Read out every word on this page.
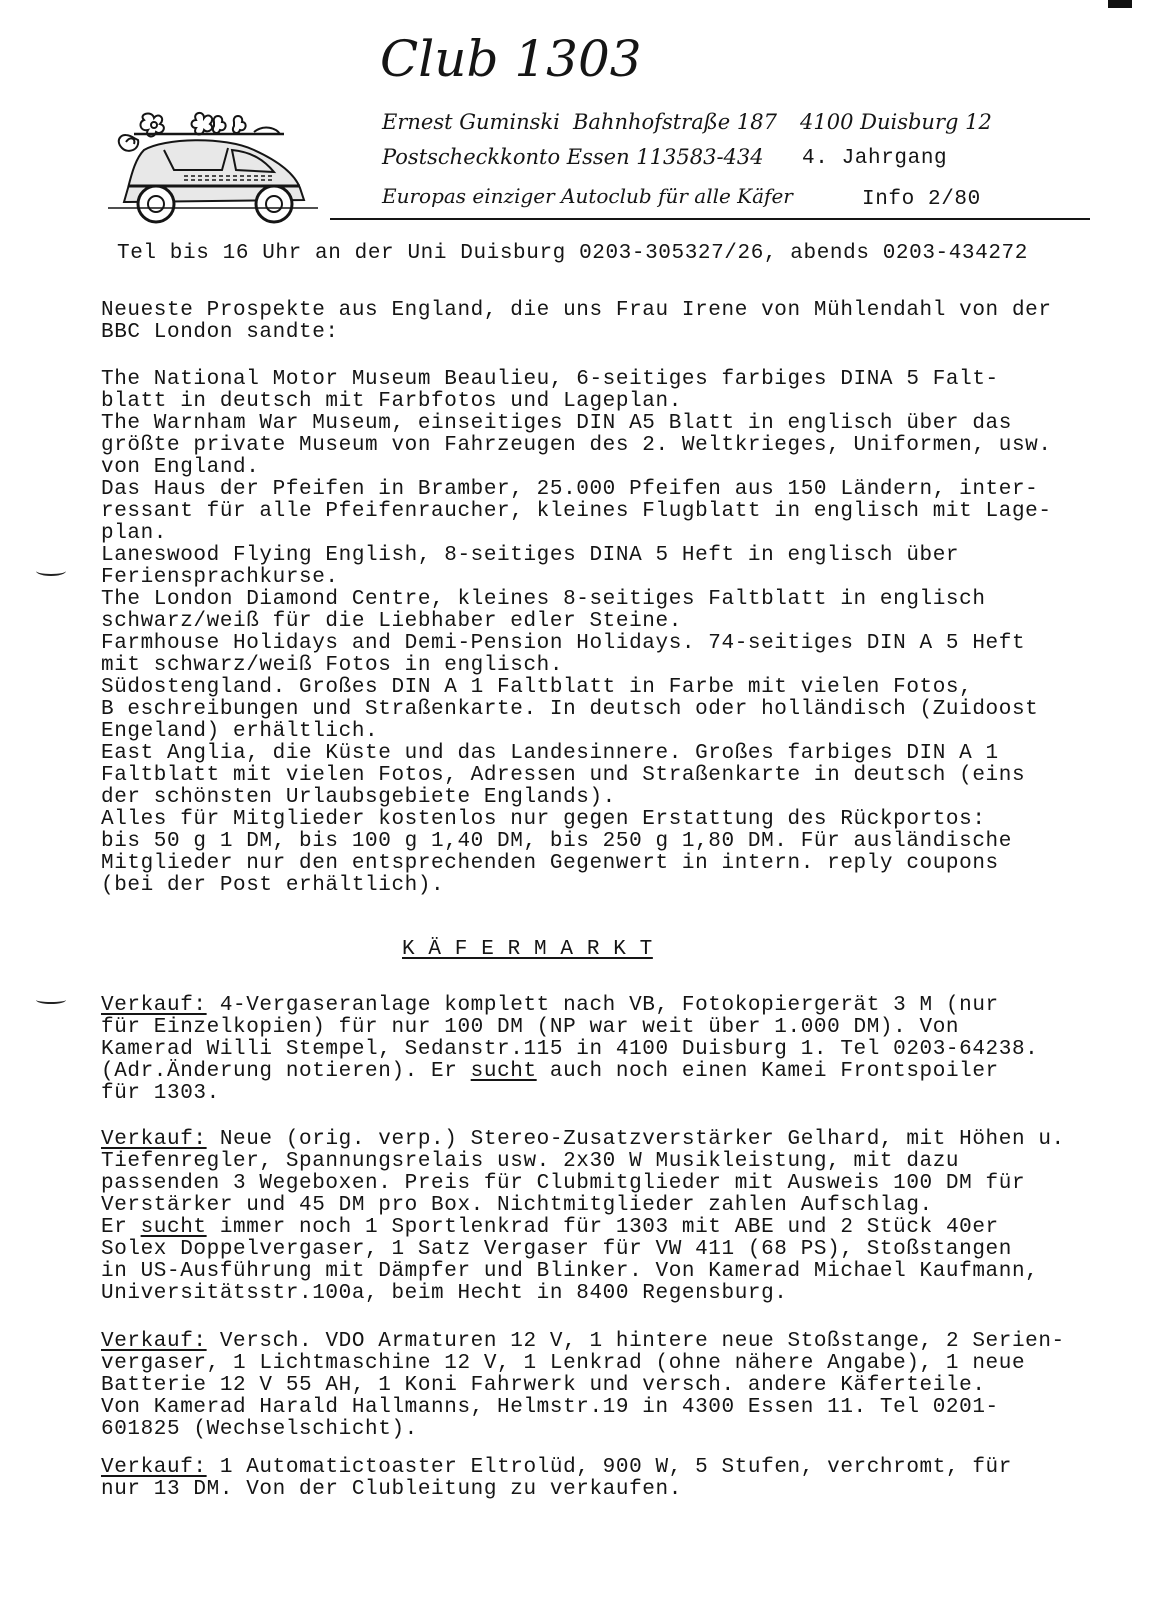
Club 1303
Ernest Guminski Bahnhofstraße 187 4100 Duisburg 12
Postscheckkonto Essen 113583-434 4. Jahrgang
Europas einziger Autoclub für alle Käfer	Info 2/80
Tel bis 16 Uhr an der Uni Duisburg 0203-305327/26, abends 0203-434272
Neueste Prospekte aus England, die uns Frau Irene von Mühlendahl von der
BBC London sandte:
The National Motor Museum Beaulieu, 6-seitiges farbiges DINA 5 Falt-
blatt in deutsch mit Farbfotos und Lageplan.
The Warnham War Museum, einseitiges DIN A5 Blatt in englisch über das
größte private Museum von Fahrzeugen des 2. Weltkrieges, Uniformen, usw.
von England.
Das Haus der Pfeifen in Bramber, 25.000 Pfeifen aus 150 Ländern, inter-
ressant für alle Pfeifenraucher, kleines Flugblatt in englisch mit Lage-
plan.
Laneswood Flying English, 8-seitiges DINA 5 Heft in englisch über
Feriensprachkurse.
The London Diamond Centre, kleines 8-seitiges Faltblatt in englisch
schwarz/weiß für die Liebhaber edler Steine.
Farmhouse Holidays and Demi-Pension Holidays. 74-seitiges DIN A 5 Heft
mit schwarz/weiß Fotos in englisch.
Südostengland. Großes DIN A 1 Faltblatt in Farbe mit vielen Fotos,
B eschreibungen und Straßenkarte. In deutsch oder holländisch (Zuidoost
Engeland) erhältlich.
East Anglia, die Küste und das Landesinnere. Großes farbiges DIN A 1
Faltblatt mit vielen Fotos, Adressen und Straßenkarte in deutsch (eins
der schönsten Urlaubsgebiete Englands).
Alles für Mitglieder kostenlos nur gegen Erstattung des Rückportos:
bis 50 g 1 DM, bis 100 g 1,40 DM, bis 250 g 1,80 DM. Für ausländische
Mitglieder nur den entsprechenden Gegenwert in intern. reply coupons
(bei der Post erhältlich).
K Ä F E R M A R K T
Verkauf: 4-Vergaseranlage komplett nach VB, Fotokopiergerät 3 M (nur
für Einzelkopien) für nur 100 DM (NP war weit über 1.000 DM). Von
Kamerad Willi Stempel, Sedanstr.115 in 4100 Duisburg 1. Tel 0203-64238.
(Adr.Änderung notieren). Er sucht auch noch einen Kamei Frontspoiler
für 1303.
Verkauf: Neue (orig. verp.) Stereo-Zusatzverstärker Gelhard, mit Höhen u.
Tiefenregler, Spannungsrelais usw. 2x30 W Musikleistung, mit dazu
passenden 3 Wegeboxen. Preis für Clubmitglieder mit Ausweis 100 DM für
Verstärker und 45 DM pro Box. Nichtmitglieder zahlen Aufschlag.
Er sucht immer noch 1 Sportlenkrad für 1303 mit ABE und 2 Stück 40er
Solex Doppelvergaser, 1 Satz Vergaser für VW 411 (68 PS), Stoßstangen
in US-Ausführung mit Dämpfer und Blinker. Von Kamerad Michael Kaufmann,
Universitätsstr.100a, beim Hecht in 8400 Regensburg.
Verkauf: Versch. VDO Armaturen 12 V, 1 hintere neue Stoßstange, 2 Serien-
vergaser, 1 Lichtmaschine 12 V, 1 Lenkrad (ohne nähere Angabe), 1 neue
Batterie 12 V 55 AH, 1 Koni Fahrwerk und versch. andere Käferteile.
Von Kamerad Harald Hallmanns, Helmstr.19 in 4300 Essen 11. Tel 0201-
601825 (Wechselschicht).
Verkauf: 1 Automatictoaster Eltrolüd, 900 W, 5 Stufen, verchromt, für
nur 13 DM. Von der Clubleitung zu verkaufen.
